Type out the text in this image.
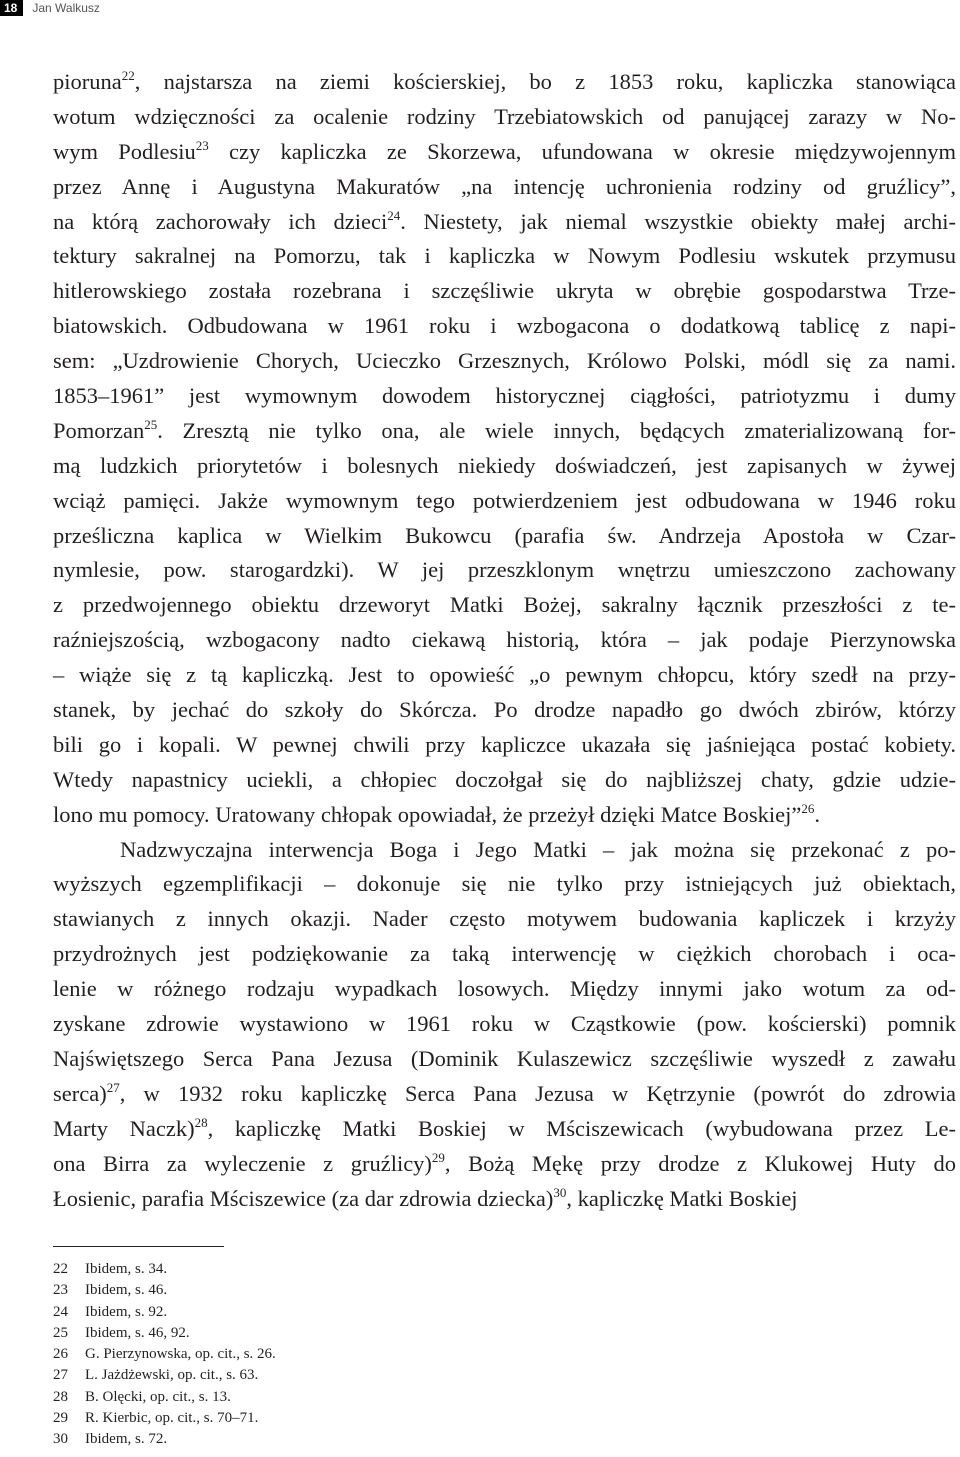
18	Jan Walkusz
pioruna$^{22}$, najstarsza na ziemi kościerskiej, bo z 1853 roku, kapliczka stanowiąca
wotum wdzięczności za ocalenie rodziny Trzebiatowskich od panującej zarazy w No-
wym Podlesiu$^{23}$ czy kapliczka ze Skorzewa, ufundowana w okresie międzywojennym
przez Annę i Augustyna Makuratów „na intencję uchronienia rodziny od gruźlicy”,
na którą zachorowały ich dzieci$^{24}$. Niestety, jak niemal wszystkie obiekty małej archi-
tektury sakralnej na Pomorzu, tak i kapliczka w Nowym Podlesiu wskutek przymusu
hitlerowskiego została rozebrana i szczęśliwie ukryta w obrębie gospodarstwa Trze-
biatowskich. Odbudowana w 1961 roku i wzbogacona o dodatkową tablicę z napi-
sem: „Uzdrowienie Chorych, Ucieczko Grzesznych, Królowo Polski, módl się za nami.
1853–1961” jest wymownym dowodem historycznej ciągłości, patriotyzmu i dumy
Pomorzan$^{25}$. Zresztą nie tylko ona, ale wiele innych, będących zmaterializowaną for-
mą ludzkich priorytetów i bolesnych niekiedy doświadczeń, jest zapisanych w żywej
wciąż pamięci. Jakże wymownym tego potwierdzeniem jest odbudowana w 1946 roku
prześliczna kaplica w Wielkim Bukowcu (parafia św. Andrzeja Apostoła w Czar-
nymlesie, pow. starogardzki). W jej przeszklonym wnętrzu umieszczono zachowany
z przedwojennego obiektu drzeworyt Matki Bożej, sakralny łącznik przeszłości z te-
raźniejszością, wzbogacony nadto ciekawą historią, która – jak podaje Pierzynowska
– wiąże się z tą kapliczką. Jest to opowieść „o pewnym chłopcu, który szedł na przy-
stanek, by jechać do szkoły do Skórcza. Po drodze napadło go dwóch zbirów, którzy
bili go i kopali. W pewnej chwili przy kapliczce ukazała się jaśniejąca postać kobiety.
Wtedy napastnicy uciekli, a chłopiec doczołgał się do najbliższej chaty, gdzie udzie-
lono mu pomocy. Uratowany chłopak opowiadał, że przeżył dzięki Matce Boskiej”$^{26}$.
Nadzwyczajna interwencja Boga i Jego Matki – jak można się przekonać z po-
wyższych egzemplifikacji – dokonuje się nie tylko przy istniejących już obiektach,
stawianych z innych okazji. Nader często motywem budowania kapliczek i krzyży
przydrożnych jest podziękowanie za taką interwencję w ciężkich chorobach i oca-
lenie w różnego rodzaju wypadkach losowych. Między innymi jako wotum za od-
zyskane zdrowie wystawiono w 1961 roku w Cząstkowie (pow. kościerski) pomnik
Najświętszego Serca Pana Jezusa (Dominik Kulaszewicz szczęśliwie wyszedł z zawału
serca)$^{27}$, w 1932 roku kapliczkę Serca Pana Jezusa w Kętrzynie (powrót do zdrowia
Marty Naczk)$^{28}$, kapliczkę Matki Boskiej w Mściszewicach (wybudowana przez Le-
ona Birra za wyleczenie z gruźlicy)$^{29}$, Bożą Mękę przy drodze z Klukowej Huty do
Łosienic, parafia Mściszewice (za dar zdrowia dziecka)$^{30}$, kapliczkę Matki Boskiej
22 Ibidem, s. 34.
23 Ibidem, s. 46.
24 Ibidem, s. 92.
25 Ibidem, s. 46, 92.
26 G. Pierzynowska, op. cit., s. 26.
27 L. Jażdżewski, op. cit., s. 63.
28 B. Olęcki, op. cit., s. 13.
29 R. Kierbic, op. cit., s. 70–71.
30 Ibidem, s. 72.
